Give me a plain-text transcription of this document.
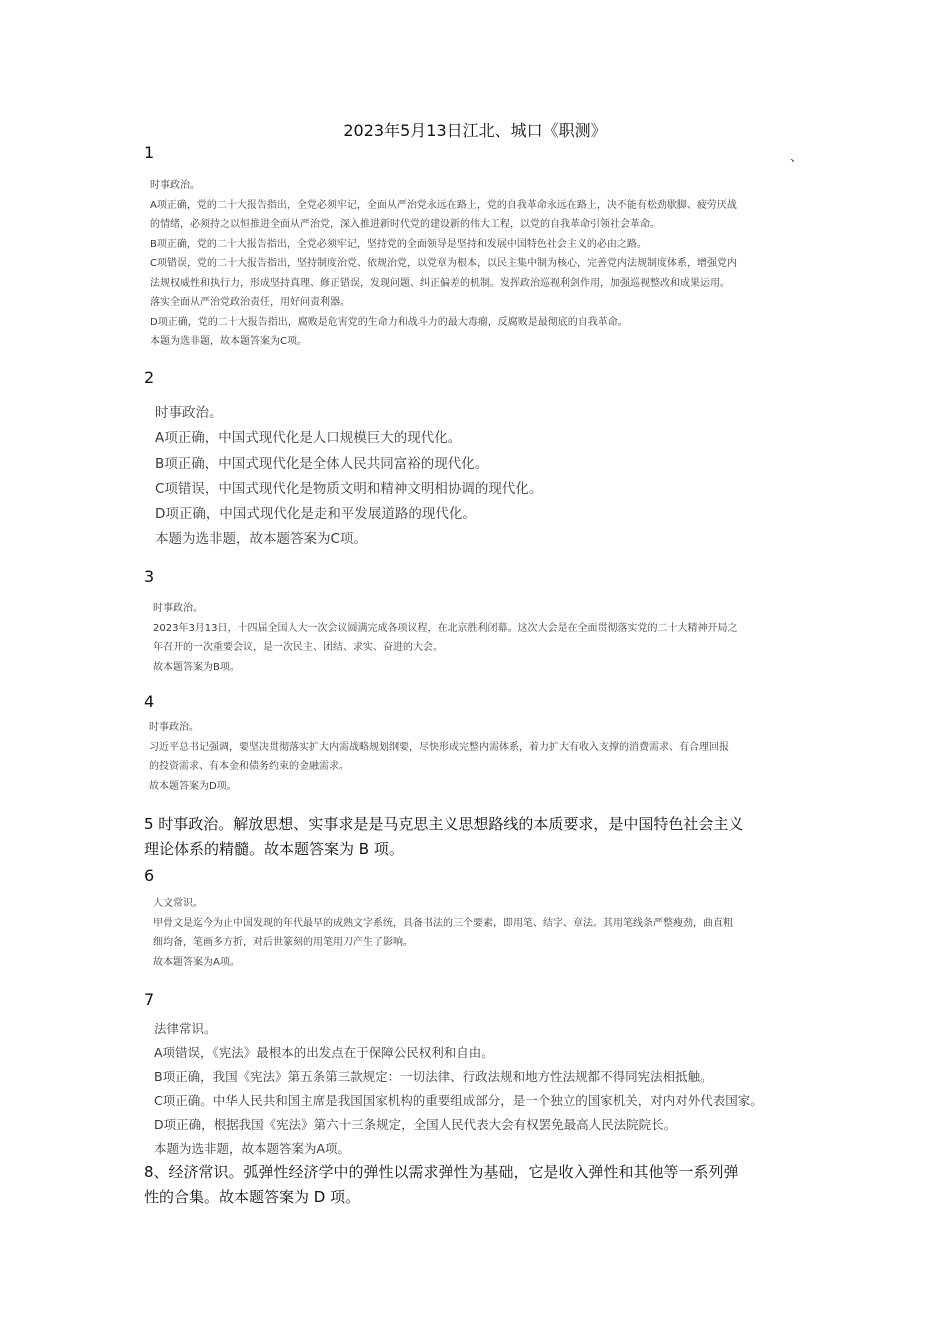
2023年5月13日江北、城口《职测》
1	、
时事政治。
A项正确，党的二十大报告指出，全党必须牢记，全面从严治党永远在路上，党的自我革命永远在路上，决不能有松劲歇脚、疲劳厌战
的情绪，必须持之以恒推进全面从严治党，深入推进新时代党的建设新的伟大工程，以党的自我革命引领社会革命。
B项正确，党的二十大报告指出，全党必须牢记，坚持党的全面领导是坚持和发展中国特色社会主义的必由之路。
C项错误，党的二十大报告指出，坚持制度治党、依规治党，以党章为根本，以民主集中制为核心，完善党内法规制度体系，增强党内
法规权威性和执行力，形成坚持真理、修正错误，发现问题、纠正偏差的机制。发挥政治巡视利剑作用，加强巡视整改和成果运用。
落实全面从严治党政治责任，用好问责利器。
D项正确，党的二十大报告指出，腐败是危害党的生命力和战斗力的最大毒瘤，反腐败是最彻底的自我革命。
本题为选非题，故本题答案为C项。
2
时事政治。
A项正确，中国式现代化是人口规模巨大的现代化。
B项正确，中国式现代化是全体人民共同富裕的现代化。
C项错误，中国式现代化是物质文明和精神文明相协调的现代化。
D项正确，中国式现代化是走和平发展道路的现代化。
本题为选非题，故本题答案为C项。
3
时事政治。
2023年3月13日，十四届全国人大一次会议圆满完成各项议程，在北京胜利闭幕。这次大会是在全面贯彻落实党的二十大精神开局之
年召开的一次重要会议，是一次民主、团结、求实、奋进的大会。
故本题答案为B项。
4
时事政治。
习近平总书记强调，要坚决贯彻落实扩大内需战略规划纲要，尽快形成完整内需体系，着力扩大有收入支撑的消费需求、有合理回报
的投资需求、有本金和债务约束的金融需求。
故本题答案为D项。
5 时事政治。解放思想、实事求是是马克思主义思想路线的本质要求，是中国特色社会主义
理论体系的精髓。故本题答案为 B 项。
6
人文常识。
甲骨文是迄今为止中国发现的年代最早的成熟文字系统，具备书法的三个要素，即用笔、结字、章法。其用笔线条严整瘦劲，曲直粗
细均备，笔画多方折，对后世篆刻的用笔用刀产生了影响。
故本题答案为A项。
7
法律常识。
A项错误，《宪法》最根本的出发点在于保障公民权利和自由。
B项正确，我国《宪法》第五条第三款规定：一切法律、行政法规和地方性法规都不得同宪法相抵触。
C项正确。中华人民共和国主席是我国国家机构的重要组成部分，是一个独立的国家机关，对内对外代表国家。
D项正确，根据我国《宪法》第六十三条规定，全国人民代表大会有权罢免最高人民法院院长。
本题为选非题，故本题答案为A项。
8、经济常识。弧弹性经济学中的弹性以需求弹性为基础，它是收入弹性和其他等一系列弹
性的合集。故本题答案为 D 项。
